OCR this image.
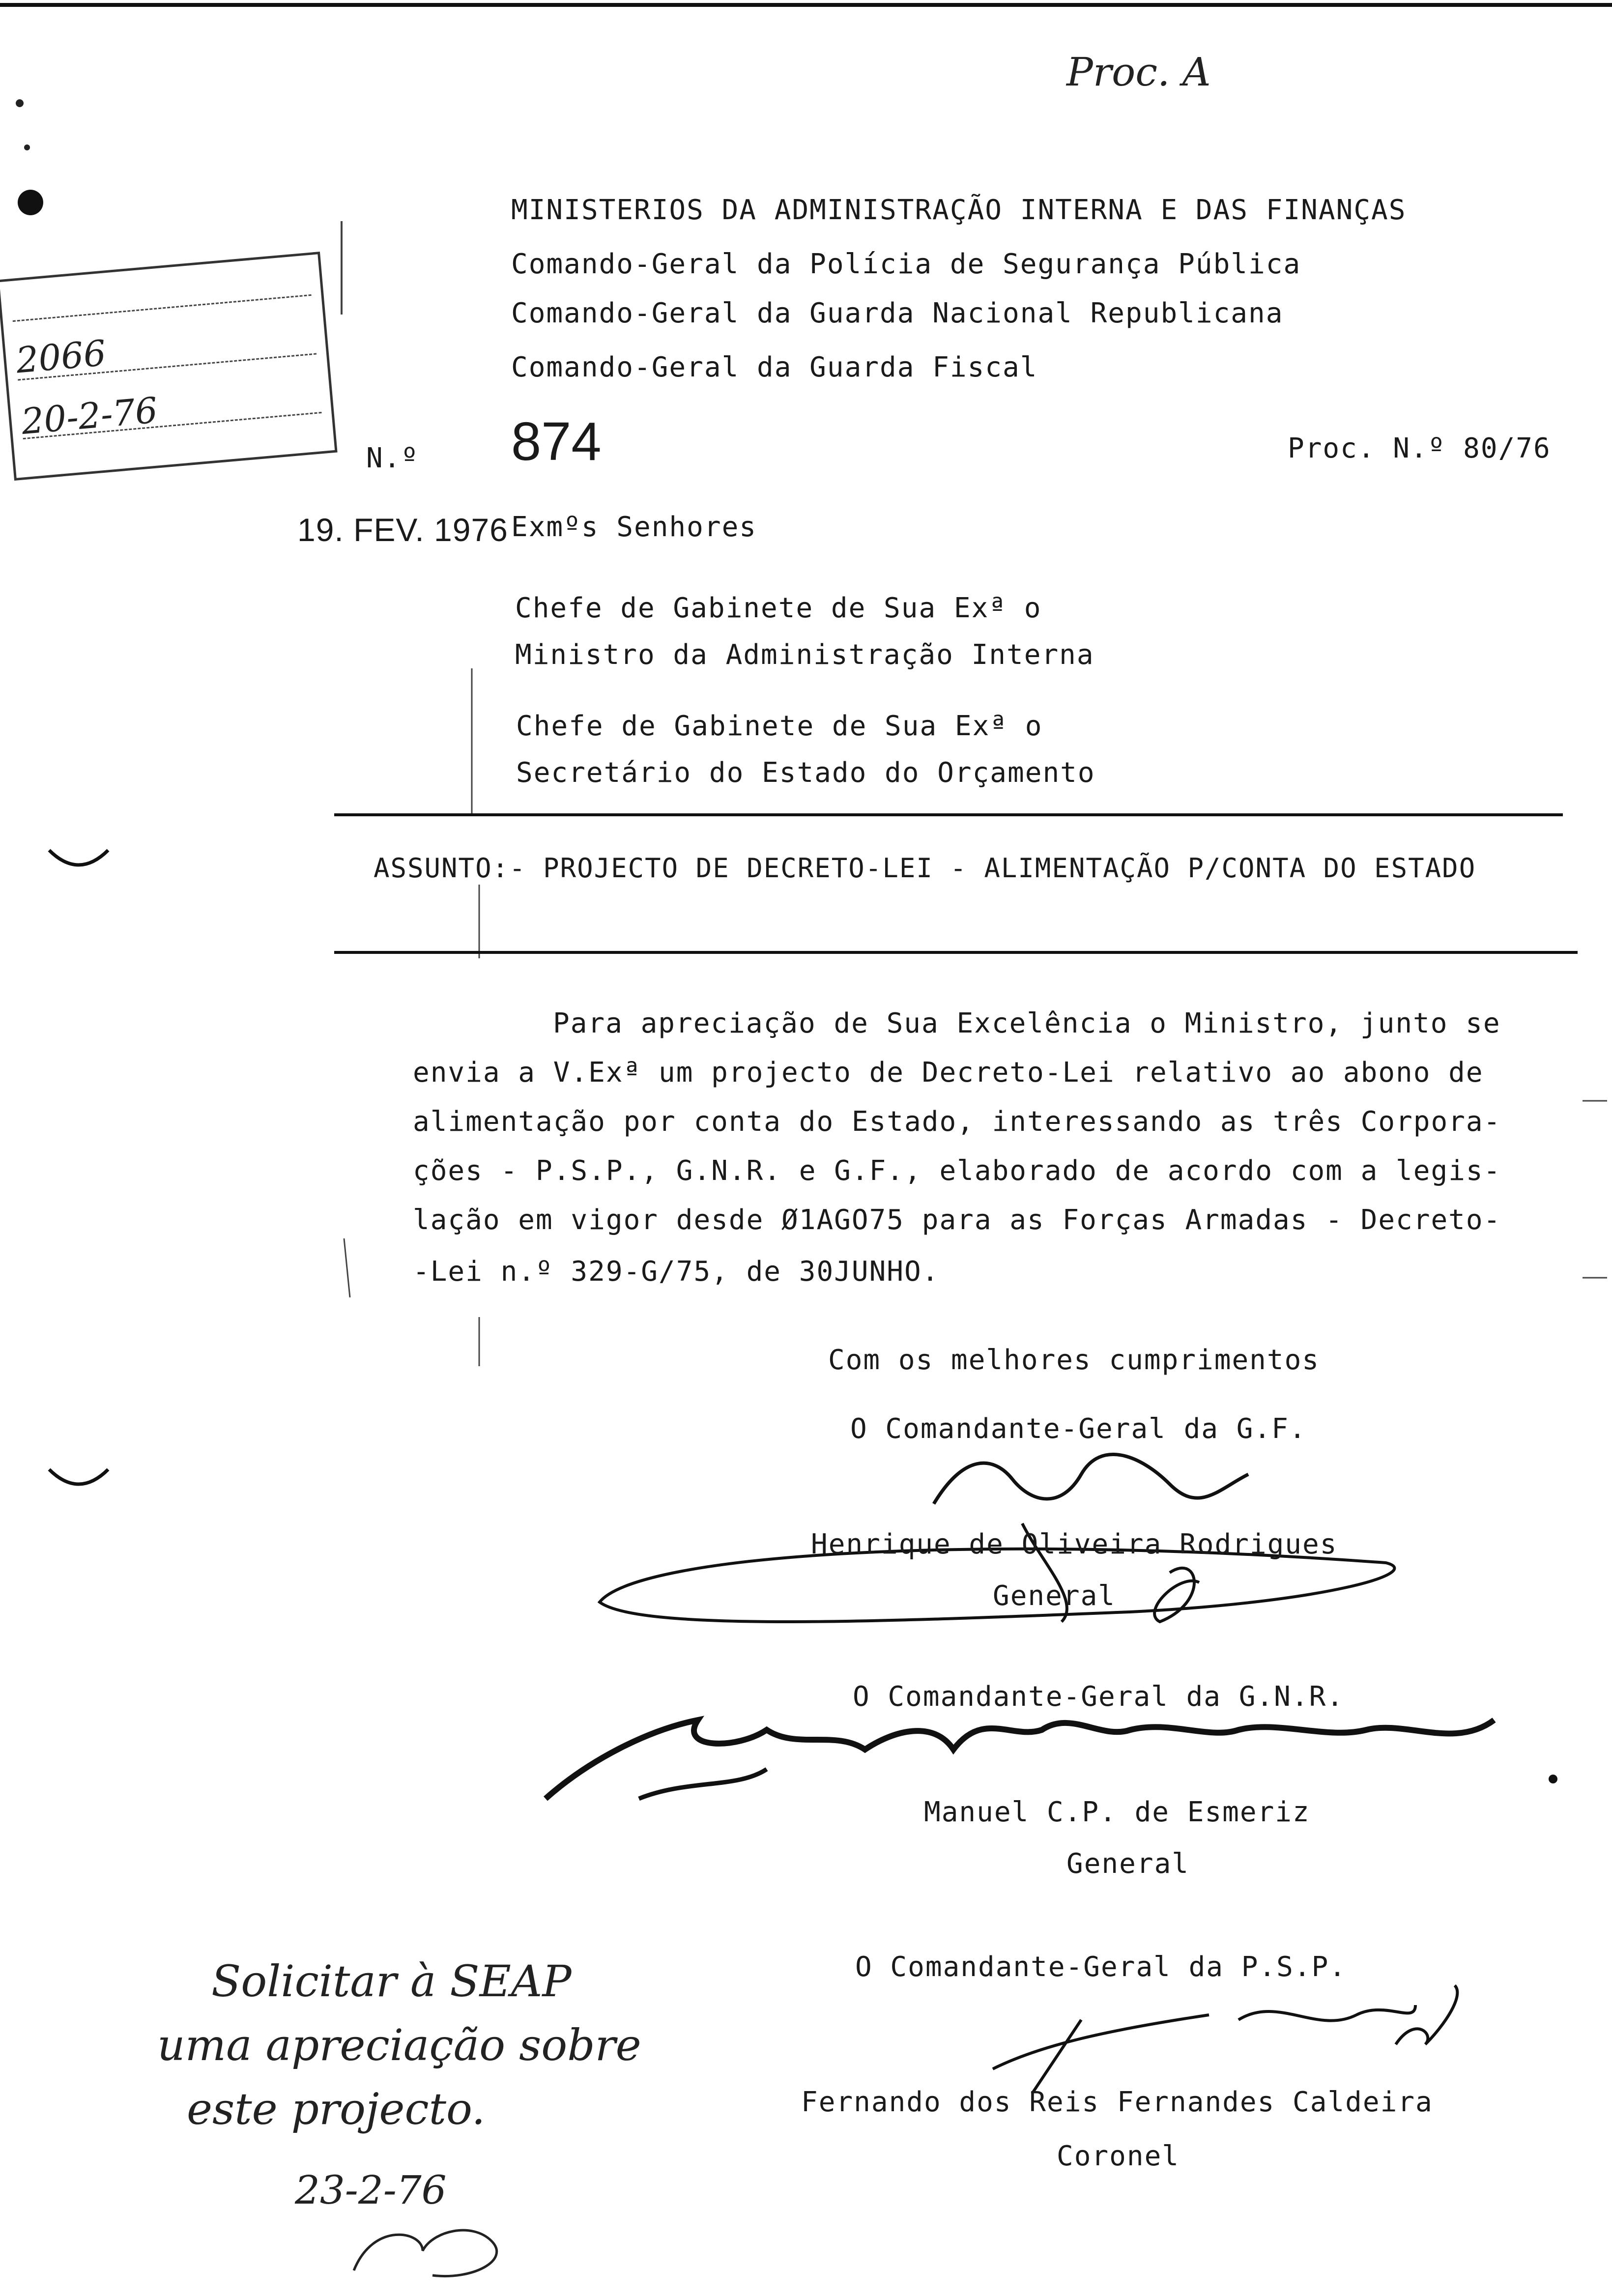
Proc. A
MINISTERIOS DA ADMINISTRAÇÃO INTERNA E DAS FINANÇAS
Comando-Geral da Polícia de Segurança Pública
Comando-Geral da Guarda Nacional Republicana
Comando-Geral da Guarda Fiscal
2066
20-2-76
N.º 874	Proc. N.º 80/76
19. FEV. 1976 Exmºs Senhores
Chefe de Gabinete de Sua Exª o
Ministro da Administração Interna
Chefe de Gabinete de Sua Exª o
Secretário do Estado do Orçamento
ASSUNTO:- PROJECTO DE DECRETO-LEI - ALIMENTAÇÃO P/CONTA DO ESTADO
Para apreciação de Sua Excelência o Ministro, junto se
envia a V.Exª um projecto de Decreto-Lei relativo ao abono de
alimentação por conta do Estado, interessando as três Corpora-
ções - P.S.P., G.N.R. e G.F., elaborado de acordo com a legis-
lação em vigor desde Ø1AGO75 para as Forças Armadas - Decreto-
-Lei n.º 329-G/75, de 30JUNHO.
Com os melhores cumprimentos
O Comandante-Geral da G.F.
Henrique de Oliveira Rodrigues
General
O Comandante-Geral da G.N.R.
Manuel C.P. de Esmeriz
General
O Comandante-Geral da P.S.P.
Fernando dos Reis Fernandes Caldeira
Coronel
Solicitar à SEAP
uma apreciação sobre
este projecto.
23-2-76
